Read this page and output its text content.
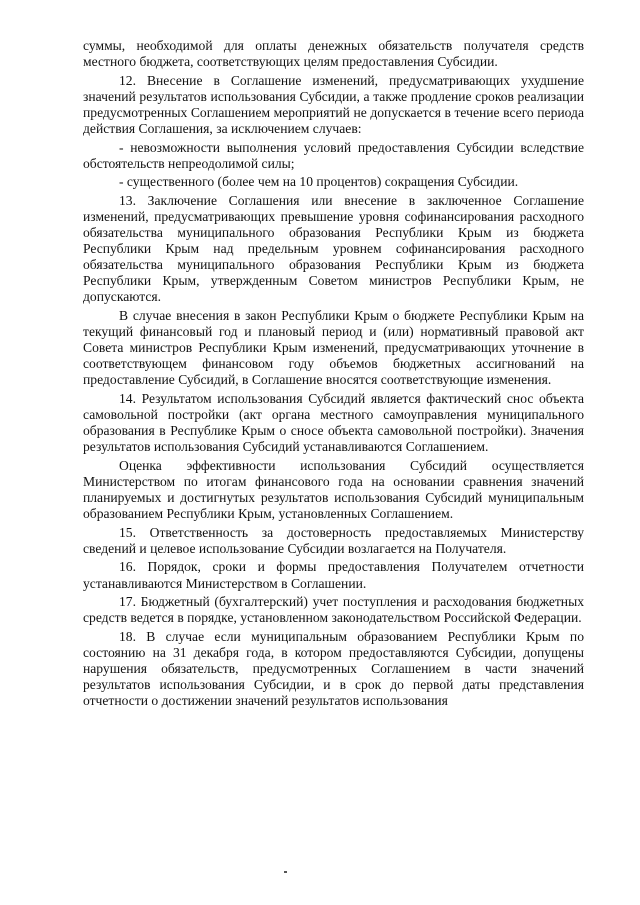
суммы, необходимой для оплаты денежных обязательств получателя средств местного бюджета, соответствующих целям предоставления Субсидии.

12. Внесение в Соглашение изменений, предусматривающих ухудшение значений результатов использования Субсидии, а также продление сроков реализации предусмотренных Соглашением мероприятий не допускается в течение всего периода действия Соглашения, за исключением случаев:

- невозможности выполнения условий предоставления Субсидии вследствие обстоятельств непреодолимой силы;

- существенного (более чем на 10 процентов) сокращения Субсидии.

13. Заключение Соглашения или внесение в заключенное Соглашение изменений, предусматривающих превышение уровня софинансирования расходного обязательства муниципального образования Республики Крым из бюджета Республики Крым над предельным уровнем софинансирования расходного обязательства муниципального образования Республики Крым из бюджета Республики Крым, утвержденным Советом министров Республики Крым, не допускаются.

В случае внесения в закон Республики Крым о бюджете Республики Крым на текущий финансовый год и плановый период и (или) нормативный правовой акт Совета министров Республики Крым изменений, предусматривающих уточнение в соответствующем финансовом году объемов бюджетных ассигнований на предоставление Субсидий, в Соглашение вносятся соответствующие изменения.

14. Результатом использования Субсидий является фактический снос объекта самовольной постройки (акт органа местного самоуправления муниципального образования в Республике Крым о сносе объекта самовольной постройки). Значения результатов использования Субсидий устанавливаются Соглашением.

Оценка эффективности использования Субсидий осуществляется Министерством по итогам финансового года на основании сравнения значений планируемых и достигнутых результатов использования Субсидий муниципальным образованием Республики Крым, установленных Соглашением.

15. Ответственность за достоверность предоставляемых Министерству сведений и целевое использование Субсидии возлагается на Получателя.

16. Порядок, сроки и формы предоставления Получателем отчетности устанавливаются Министерством в Соглашении.

17. Бюджетный (бухгалтерский) учет поступления и расходования бюджетных средств ведется в порядке, установленном законодательством Российской Федерации.

18. В случае если муниципальным образованием Республики Крым по состоянию на 31 декабря года, в котором предоставляются Субсидии, допущены нарушения обязательств, предусмотренных Соглашением в части значений результатов использования Субсидии, и в срок до первой даты представления отчетности о достижении значений результатов использования
